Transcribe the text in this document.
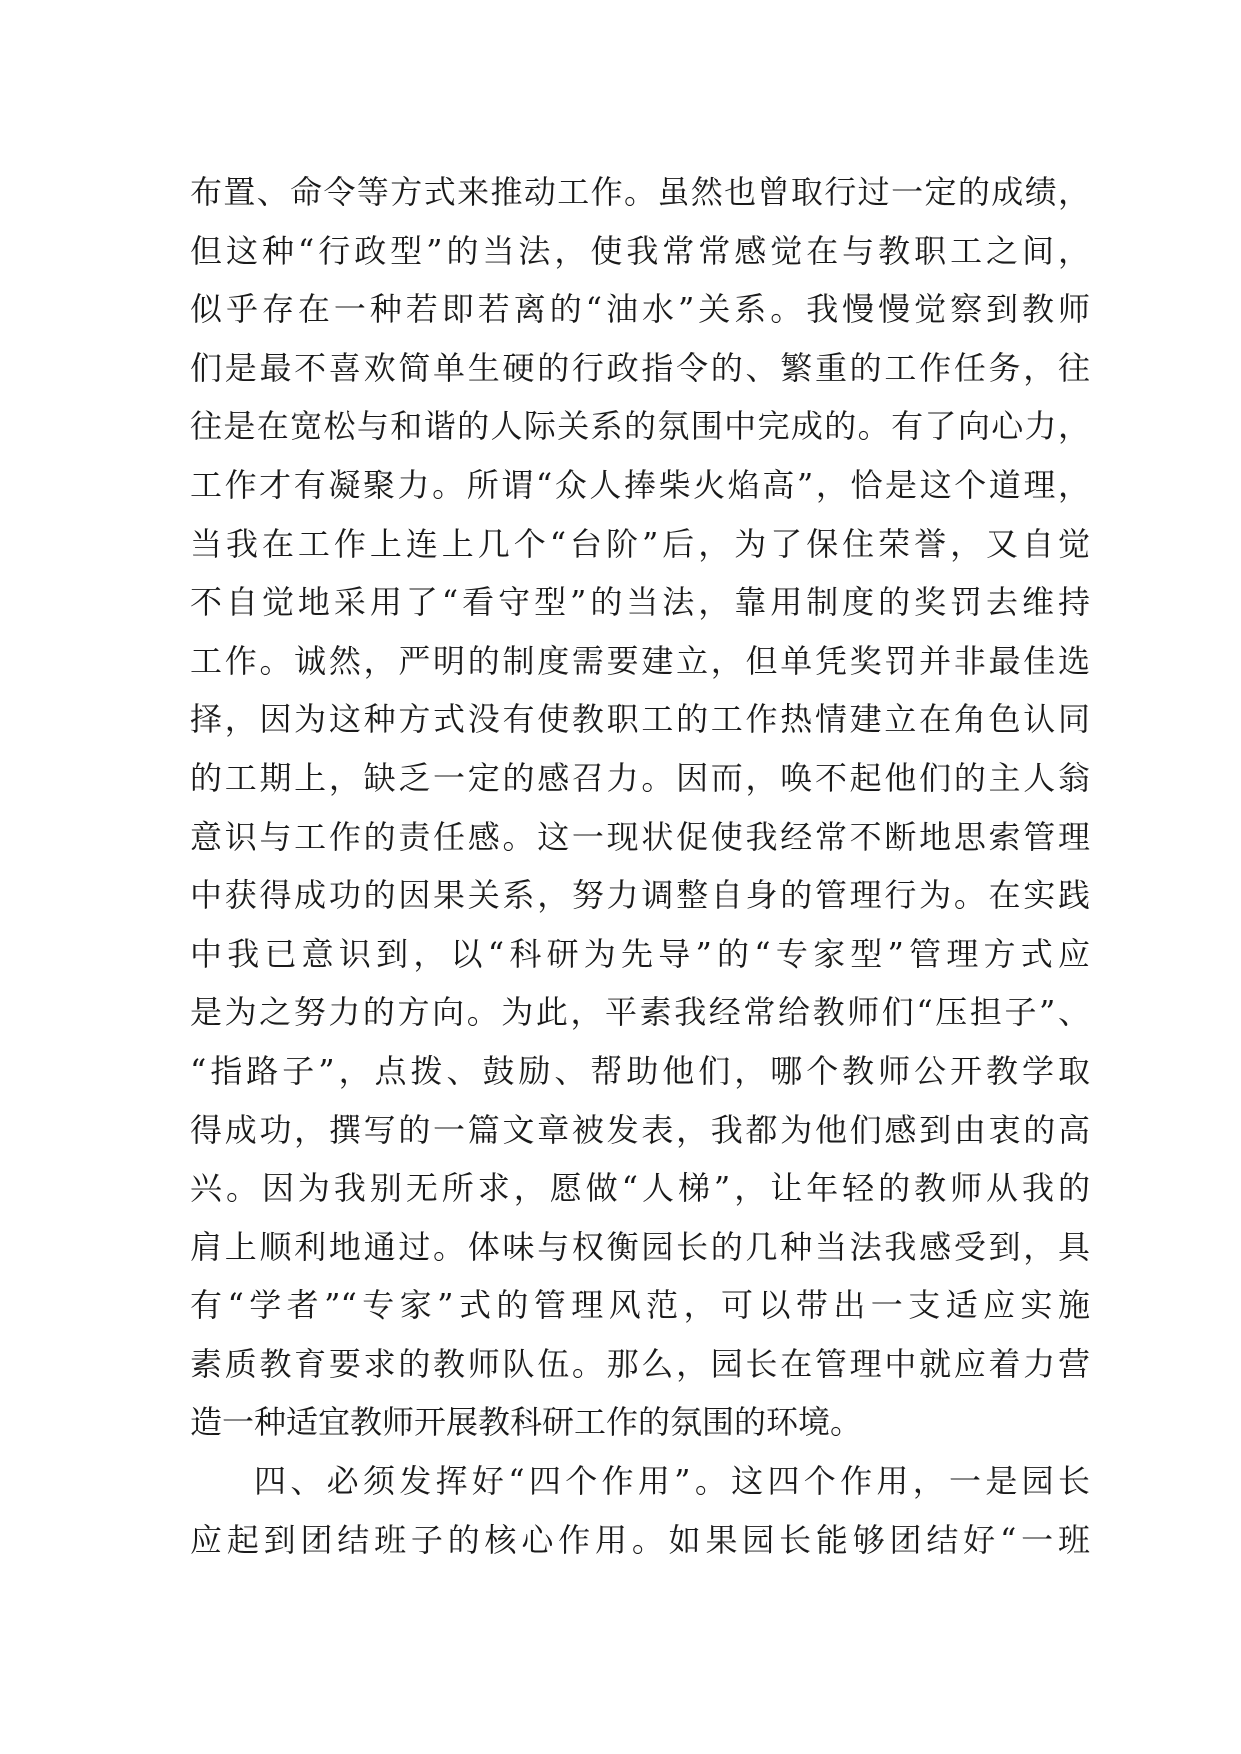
布置、命令等方式来推动工作。虽然也曾取行过一定的成绩，
但这种“行政型”的当法，使我常常感觉在与教职工之间，
似乎存在一种若即若离的“油水”关系。我慢慢觉察到教师
们是最不喜欢简单生硬的行政指令的、繁重的工作任务，往
往是在宽松与和谐的人际关系的氛围中完成的。有了向心力，
工作才有凝聚力。所谓“众人捧柴火焰高”，恰是这个道理，
当我在工作上连上几个“台阶”后，为了保住荣誉，又自觉
不自觉地采用了“看守型”的当法，靠用制度的奖罚去维持
工作。诚然，严明的制度需要建立，但单凭奖罚并非最佳选
择，因为这种方式没有使教职工的工作热情建立在角色认同
的工期上，缺乏一定的感召力。因而，唤不起他们的主人翁
意识与工作的责任感。这一现状促使我经常不断地思索管理
中获得成功的因果关系，努力调整自身的管理行为。在实践
中我已意识到，以“科研为先导”的“专家型”管理方式应
是为之努力的方向。为此，平素我经常给教师们“压担子”、
“指路子”，点拨、鼓励、帮助他们，哪个教师公开教学取
得成功，撰写的一篇文章被发表，我都为他们感到由衷的高
兴。因为我别无所求，愿做“人梯”，让年轻的教师从我的
肩上顺利地通过。体味与权衡园长的几种当法我感受到，具
有“学者”“专家”式的管理风范，可以带出一支适应实施
素质教育要求的教师队伍。那么，园长在管理中就应着力营
造一种适宜教师开展教科研工作的氛围的环境。
四、必须发挥好“四个作用”。这四个作用，一是园长
应起到团结班子的核心作用。如果园长能够团结好“一班
